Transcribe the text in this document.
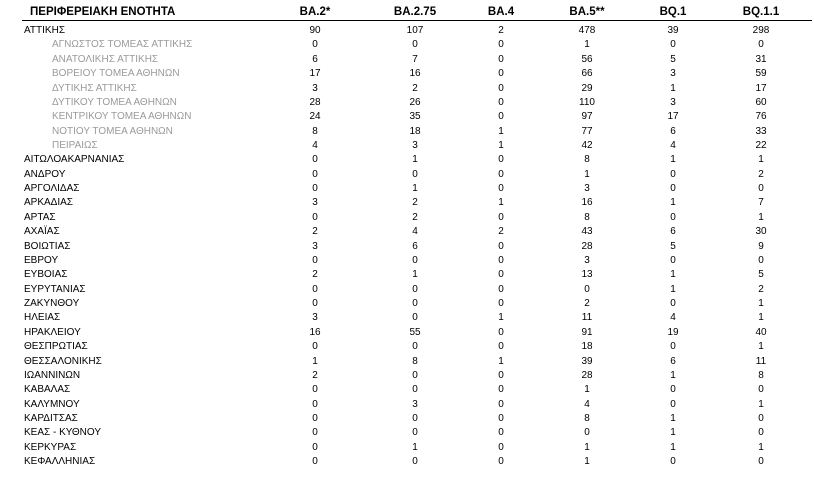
ΠΕΡΙΦΕΡΕΙΑΚΗ ΕΝΟΤΗΤΑ	BA.2*	BA.2.75	BA.4	BA.5**	BQ.1	BQ.1.1
ΑΤΤΙΚΗΣ	90	107	2	478	39	298
ΑΓΝΩΣΤΟΣ ΤΟΜΕΑΣ ΑΤΤΙΚΗΣ	0	0	0	1	0	0
ΑΝΑΤΟΛΙΚΗΣ ΑΤΤΙΚΗΣ	6	7	0	56	5	31
ΒΟΡΕΙΟΥ ΤΟΜΕΑ ΑΘΗΝΩΝ	17	16	0	66	3	59
ΔΥΤΙΚΗΣ ΑΤΤΙΚΗΣ	3	2	0	29	1	17
ΔΥΤΙΚΟΥ ΤΟΜΕΑ ΑΘΗΝΩΝ	28	26	0	110	3	60
ΚΕΝΤΡΙΚΟΥ ΤΟΜΕΑ ΑΘΗΝΩΝ	24	35	0	97	17	76
ΝΟΤΙΟΥ ΤΟΜΕΑ ΑΘΗΝΩΝ	8	18	1	77	6	33
ΠΕΙΡΑΙΩΣ	4	3	1	42	4	22
ΑΙΤΩΛΟΑΚΑΡΝΑΝΙΑΣ	0	1	0	8	1	1
ΑΝΔΡΟΥ	0	0	0	1	0	2
ΑΡΓΟΛΙΔΑΣ	0	1	0	3	0	0
ΑΡΚΑΔΙΑΣ	3	2	1	16	1	7
ΑΡΤΑΣ	0	2	0	8	0	1
ΑΧΑΪΑΣ	2	4	2	43	6	30
ΒΟΙΩΤΙΑΣ	3	6	0	28	5	9
ΕΒΡΟΥ	0	0	0	3	0	0
ΕΥΒΟΙΑΣ	2	1	0	13	1	5
ΕΥΡΥΤΑΝΙΑΣ	0	0	0	0	1	2
ΖΑΚΥΝΘΟΥ	0	0	0	2	0	1
ΗΛΕΙΑΣ	3	0	1	11	4	1
ΗΡΑΚΛΕΙΟΥ	16	55	0	91	19	40
ΘΕΣΠΡΩΤΙΑΣ	0	0	0	18	0	1
ΘΕΣΣΑΛΟΝΙΚΗΣ	1	8	1	39	6	11
ΙΩΑΝΝΙΝΩΝ	2	0	0	28	1	8
ΚΑΒΑΛΑΣ	0	0	0	1	0	0
ΚΑΛΥΜΝΟΥ	0	3	0	4	0	1
ΚΑΡΔΙΤΣΑΣ	0	0	0	8	1	0
ΚΕΑΣ - ΚΥΘΝΟΥ	0	0	0	0	1	0
ΚΕΡΚΥΡΑΣ	0	1	0	1	1	1
ΚΕΦΑΛΛΗΝΙΑΣ	0	0	0	1	0	0
